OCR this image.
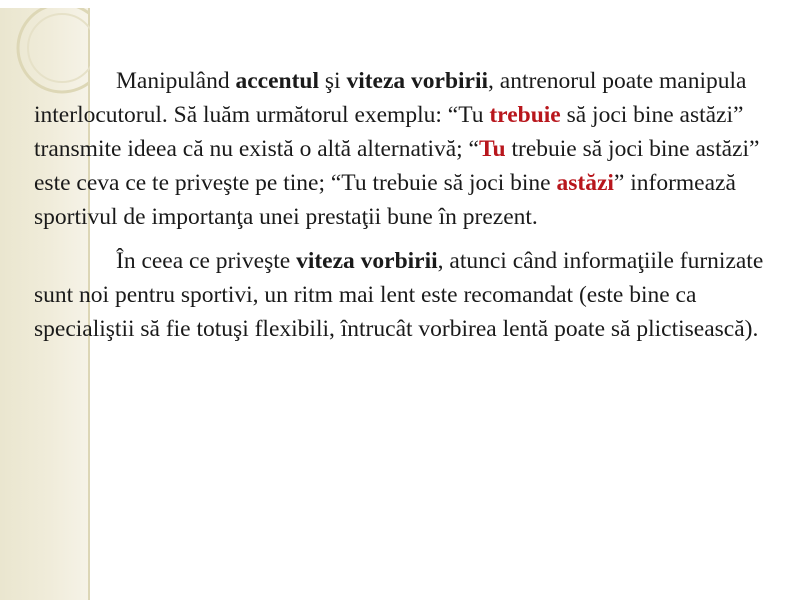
Manipulând accentul şi viteza vorbirii, antrenorul poate manipula interlocutorul. Să luăm următorul exemplu: “Tu trebuie să joci bine astăzi” transmite ideea că nu există o altă alternativă; “Tu trebuie să joci bine astăzi” este ceva ce te priveşte pe tine; “Tu trebuie să joci bine astăzi” informează sportivul de importanţa unei prestaţii bune în prezent.

În ceea ce priveşte viteza vorbirii, atunci când informaţiile furnizate sunt noi pentru sportivi, un ritm mai lent este recomandat (este bine ca specialiştii să fie totuşi flexibili, întrucât vorbirea lentă poate să plictisească).
